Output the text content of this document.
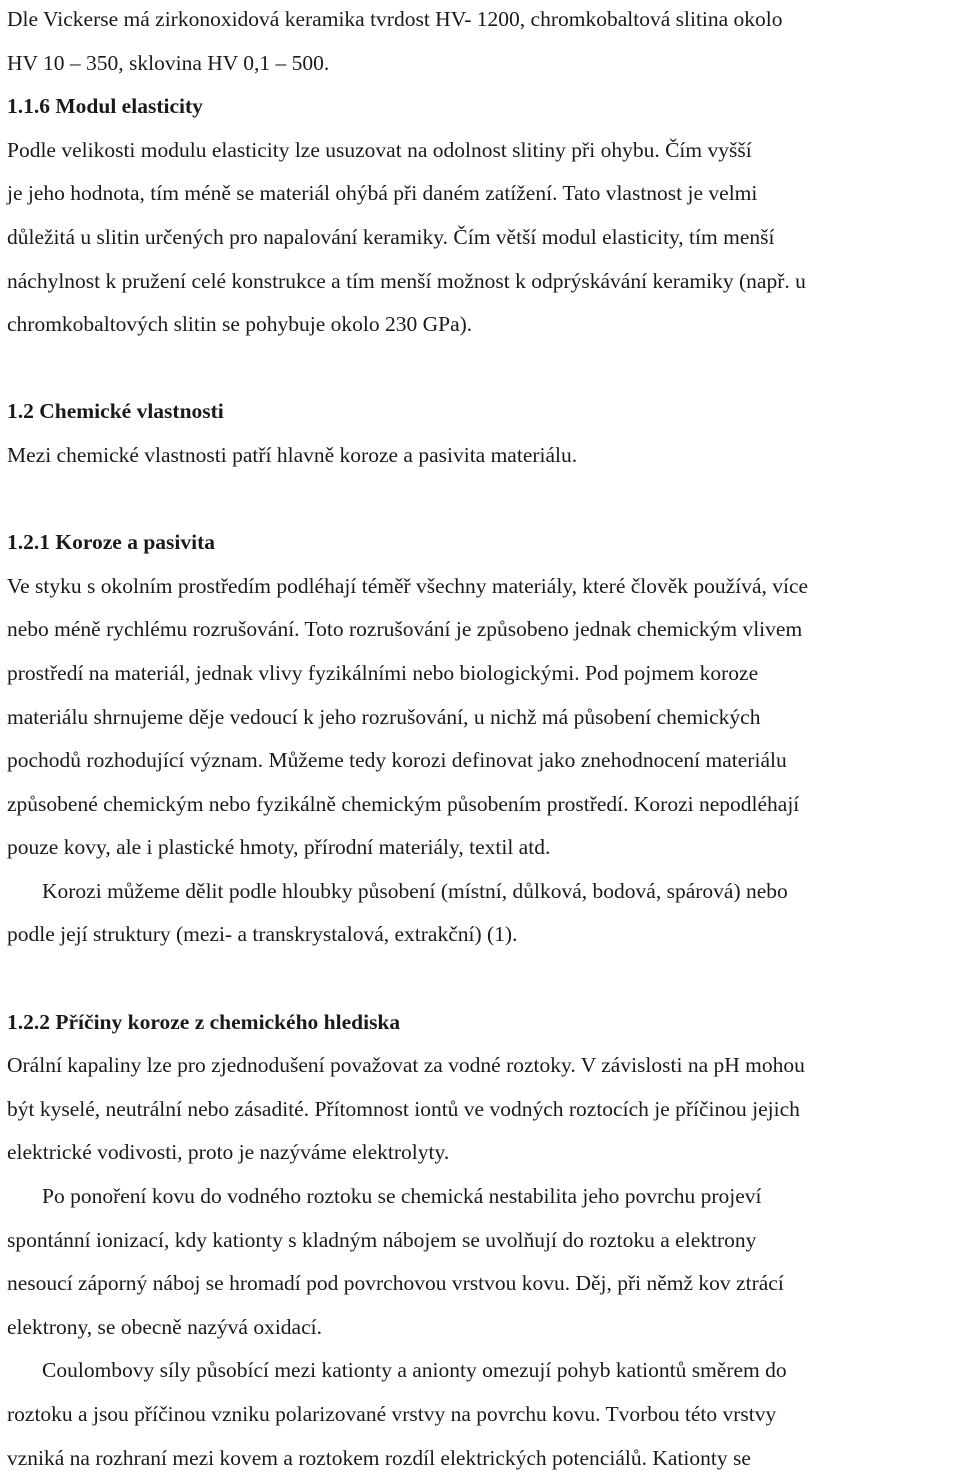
Dle Vickerse má zirkonoxidová keramika tvrdost HV- 1200, chromkobaltová slitina okolo
HV 10 – 350, sklovina HV 0,1 – 500.
1.1.6 Modul elasticity
Podle velikosti modulu elasticity lze usuzovat na odolnost slitiny při ohybu. Čím vyšší
je jeho hodnota, tím méně se materiál ohýbá při daném zatížení. Tato vlastnost je velmi
důležitá u slitin určených pro napalování keramiky. Čím větší modul elasticity, tím menší
náchylnost k pružení celé konstrukce a tím menší možnost k odprýskávání keramiky (např. u
chromkobaltových slitin se pohybuje okolo 230 GPa).
1.2 Chemické vlastnosti
Mezi chemické vlastnosti patří hlavně koroze a pasivita materiálu.
1.2.1 Koroze a pasivita
Ve styku s okolním prostředím podléhají téměř všechny materiály, které člověk používá, více
nebo méně rychlému rozrušování. Toto rozrušování je způsobeno jednak chemickým vlivem
prostředí na materiál, jednak vlivy fyzikálními nebo biologickými. Pod pojmem koroze
materiálu shrnujeme děje vedoucí k jeho rozrušování, u nichž má působení chemických
pochodů rozhodující význam. Můžeme tedy korozi definovat jako znehodnocení materiálu
způsobené chemickým nebo fyzikálně chemickým působením prostředí. Korozi nepodléhají
pouze kovy, ale i plastické hmoty, přírodní materiály, textil atd.
Korozi můžeme dělit podle hloubky působení (místní, důlková, bodová, spárová) nebo
podle její struktury (mezi- a transkrystalová, extrakční) (1).
1.2.2 Příčiny koroze z chemického hlediska
Orální kapaliny lze pro zjednodušení považovat za vodné roztoky. V závislosti na pH mohou
být kyselé, neutrální nebo zásadité. Přítomnost iontů ve vodných roztocích je příčinou jejich
elektrické vodivosti, proto je nazýváme elektrolyty.
Po ponoření kovu do vodného roztoku se chemická nestabilita jeho povrchu projeví
spontánní ionizací, kdy kationty s kladným nábojem se uvolňují do roztoku a elektrony
nesoucí záporný náboj se hromadí pod povrchovou vrstvou kovu. Děj, při němž kov ztrácí
elektrony, se obecně nazývá oxidací.
Coulombovy síly působící mezi kationty a anionty omezují pohyb kationtů směrem do
roztoku a jsou příčinou vzniku polarizované vrstvy na povrchu kovu. Tvorbou této vrstvy
vzniká na rozhraní mezi kovem a roztokem rozdíl elektrických potenciálů. Kationty se
